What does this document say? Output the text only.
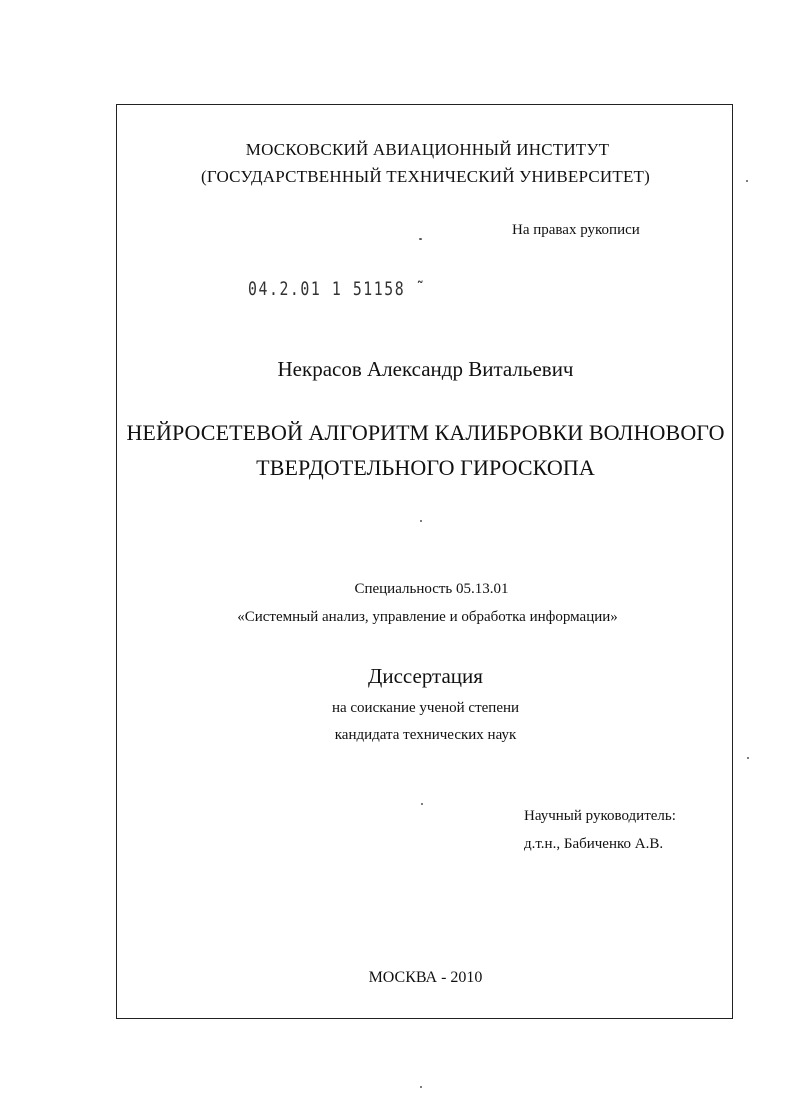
МОСКОВСКИЙ АВИАЦИОННЫЙ ИНСТИТУТ
(ГОСУДАРСТВЕННЫЙ ТЕХНИЧЕСКИЙ УНИВЕРСИТЕТ)
На правах рукописи
04.2.01 1 51158 ˜
Некрасов Александр Витальевич
НЕЙРОСЕТЕВОЙ АЛГОРИТМ КАЛИБРОВКИ ВОЛНОВОГО
ТВЕРДОТЕЛЬНОГО ГИРОСКОПА
Специальность 05.13.01
«Системный анализ, управление и обработка информации»
Диссертация
на соискание ученой степени
кандидата технических наук
Научный руководитель:
д.т.н., Бабиченко А.В.
МОСКВА - 2010
